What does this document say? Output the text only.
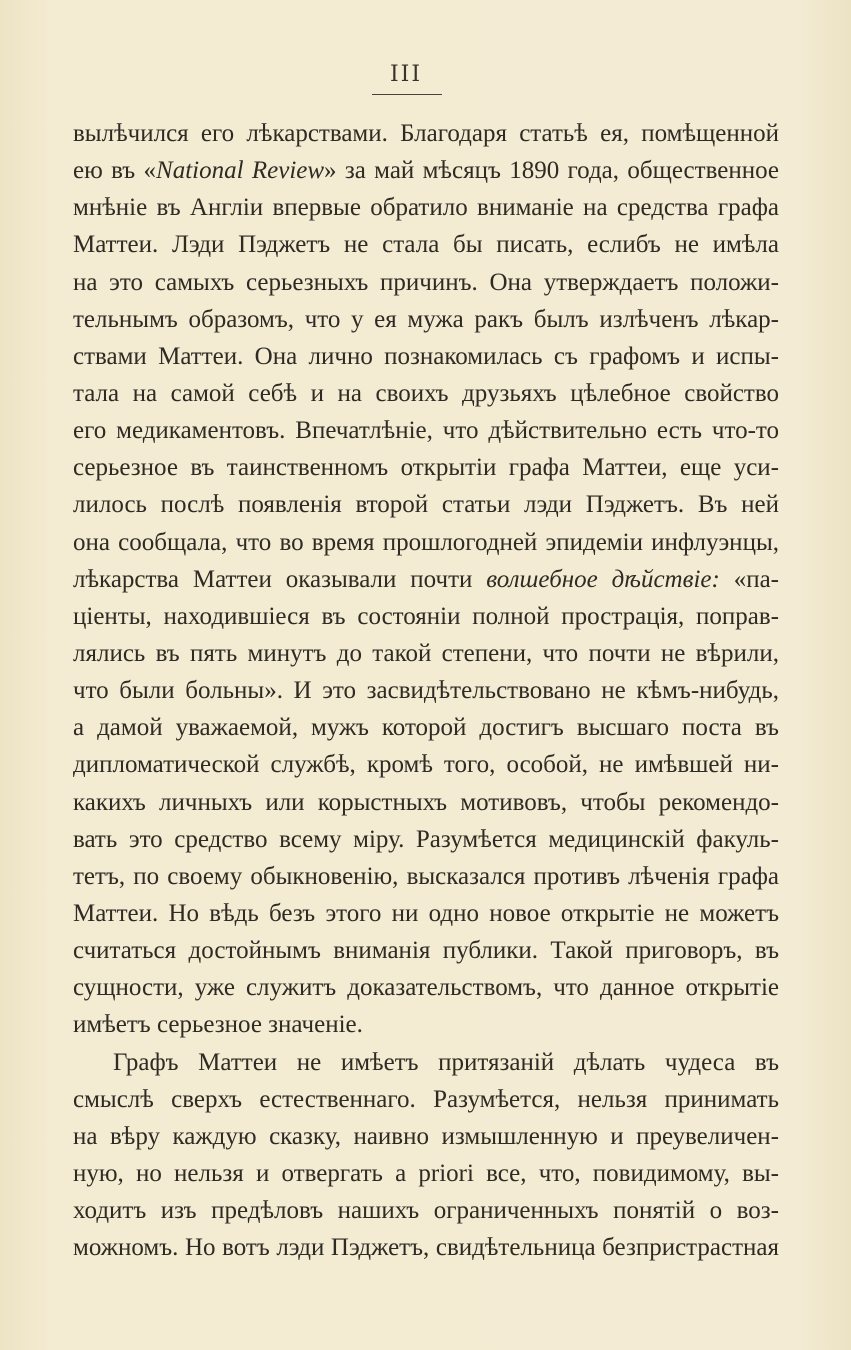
III
вылѣчился его лѣкарствами. Благодаря статьѣ ея, помѣщенной
ею въ «National Review» за май мѣсяцъ 1890 года, общественное
мнѣніе въ Англіи впервые обратило вниманіе на средства графа
Маттеи. Лэди Пэджетъ не стала бы писать, еслибъ не имѣла
на это самыхъ серьезныхъ причинъ. Она утверждаетъ положи-
тельнымъ образомъ, что у ея мужа ракъ былъ излѣченъ лѣкар-
ствами Маттеи. Она лично познакомилась съ графомъ и испы-
тала на самой себѣ и на своихъ друзьяхъ цѣлебное свойство
его медикаментовъ. Впечатлѣніе, что дѣйствительно есть что-то
серьезное въ таинственномъ открытіи графа Маттеи, еще уси-
лилось послѣ появленія второй статьи лэди Пэджетъ. Въ ней
она сообщала, что во время прошлогодней эпидеміи инфлуэнцы,
лѣкарства Маттеи оказывали почти волшебное дѣйствіе: «па-
ціенты, находившіеся въ состояніи полной прострація, поправ-
лялись въ пять минутъ до такой степени, что почти не вѣрили,
что были больны». И это засвидѣтельствовано не кѣмъ-нибудь,
а дамой уважаемой, мужъ которой достигъ высшаго поста въ
дипломатической службѣ, кромѣ того, особой, не имѣвшей ни-
какихъ личныхъ или корыстныхъ мотивовъ, чтобы рекомендо-
вать это средство всему міру. Разумѣется медицинскій факуль-
тетъ, по своему обыкновенію, высказался противъ лѣченія графа
Маттеи. Но вѣдь безъ этого ни одно новое открытіе не можетъ
считаться достойнымъ вниманія публики. Такой приговоръ, въ
сущности, уже служитъ доказательствомъ, что данное открытіе
имѣетъ серьезное значеніе.
Графъ Маттеи не имѣетъ притязаній дѣлать чудеса въ
смыслѣ сверхъ естественнаго. Разумѣется, нельзя принимать
на вѣру каждую сказку, наивно измышленную и преувеличен-
ную, но нельзя и отвергать a priori все, что, повидимому, вы-
ходитъ изъ предѣловъ нашихъ ограниченныхъ понятій о воз-
можномъ. Но вотъ лэди Пэджетъ, свидѣтельница безпристрастная
